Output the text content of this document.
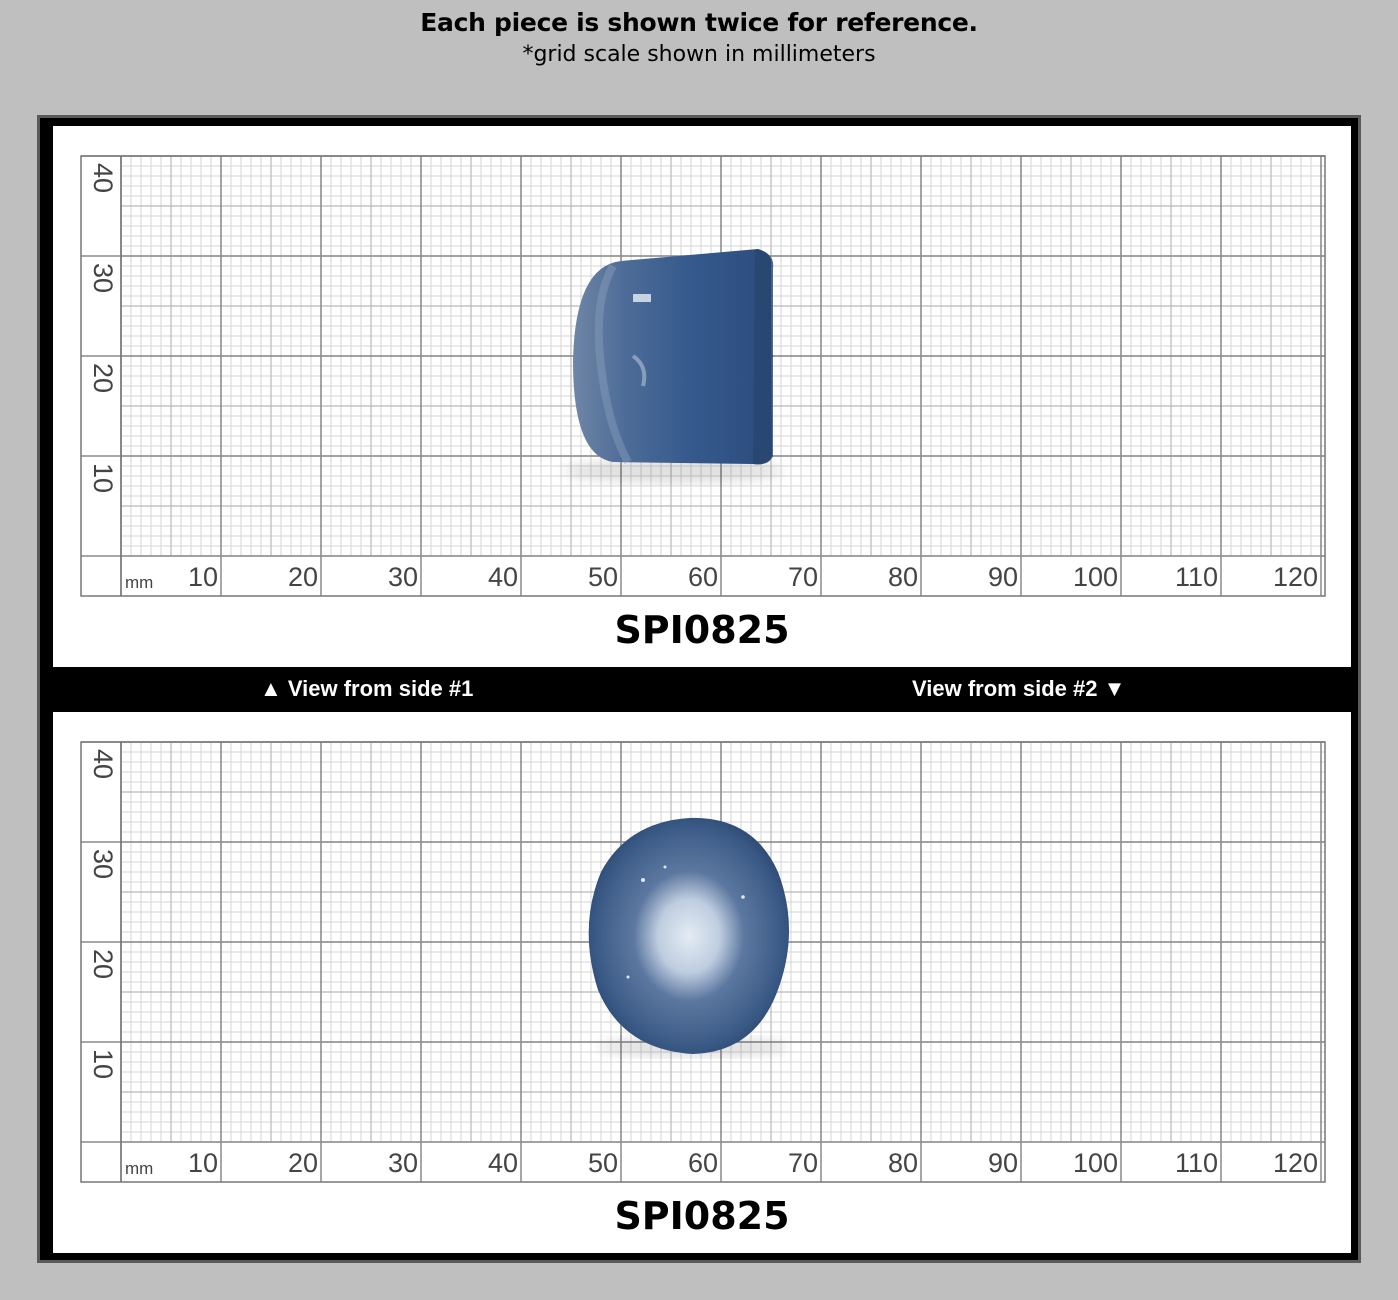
Each piece is shown twice for reference.
*grid scale shown in millimeters
10	20	30	40	50	60	70	80	90 100 110 120
mm
10
20
30
40
SPI0825
▲ View from side #1	View from side #2 ▼
10	20	30	40	50	60	70	80	90 100 110 120
mm
10
20
30
40
SPI0825
